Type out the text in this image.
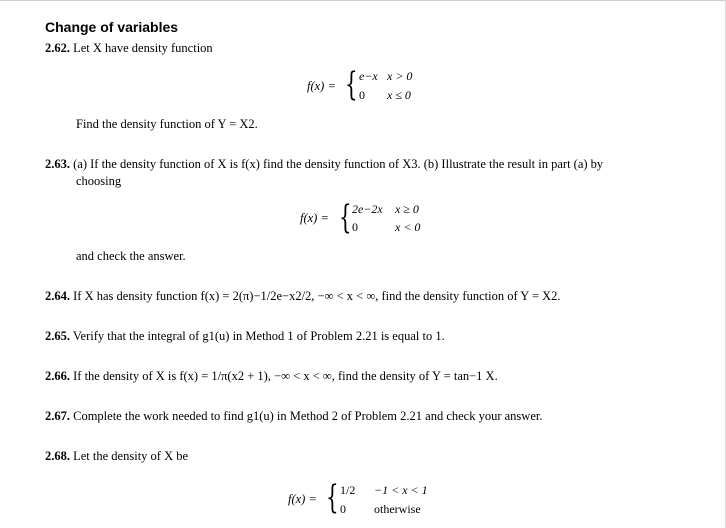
Change of variables
2.62. Let X have density function
f(x) = { e−x x > 0
0 x ≤ 0
Find the density function of Y = X2.
2.63. (a) If the density function of X is f(x) find the density function of X3. (b) Illustrate the result in part (a) by
choosing
f(x) = { 2e−2x x ≥ 0
0	x < 0
and check the answer.
2.64. If X has density function f(x) = 2(π)−1/2e−x2/2, −∞ < x < ∞, find the density function of Y = X2.
2.65. Verify that the integral of g1(u) in Method 1 of Problem 2.21 is equal to 1.
2.66. If the density of X is f(x) = 1/π(x2 + 1), −∞ < x < ∞, find the density of Y = tan−1 X.
2.67. Complete the work needed to find g1(u) in Method 2 of Problem 2.21 and check your answer.
2.68. Let the density of X be
f(x) = { 1/2 −1 < x < 1
0 otherwise
